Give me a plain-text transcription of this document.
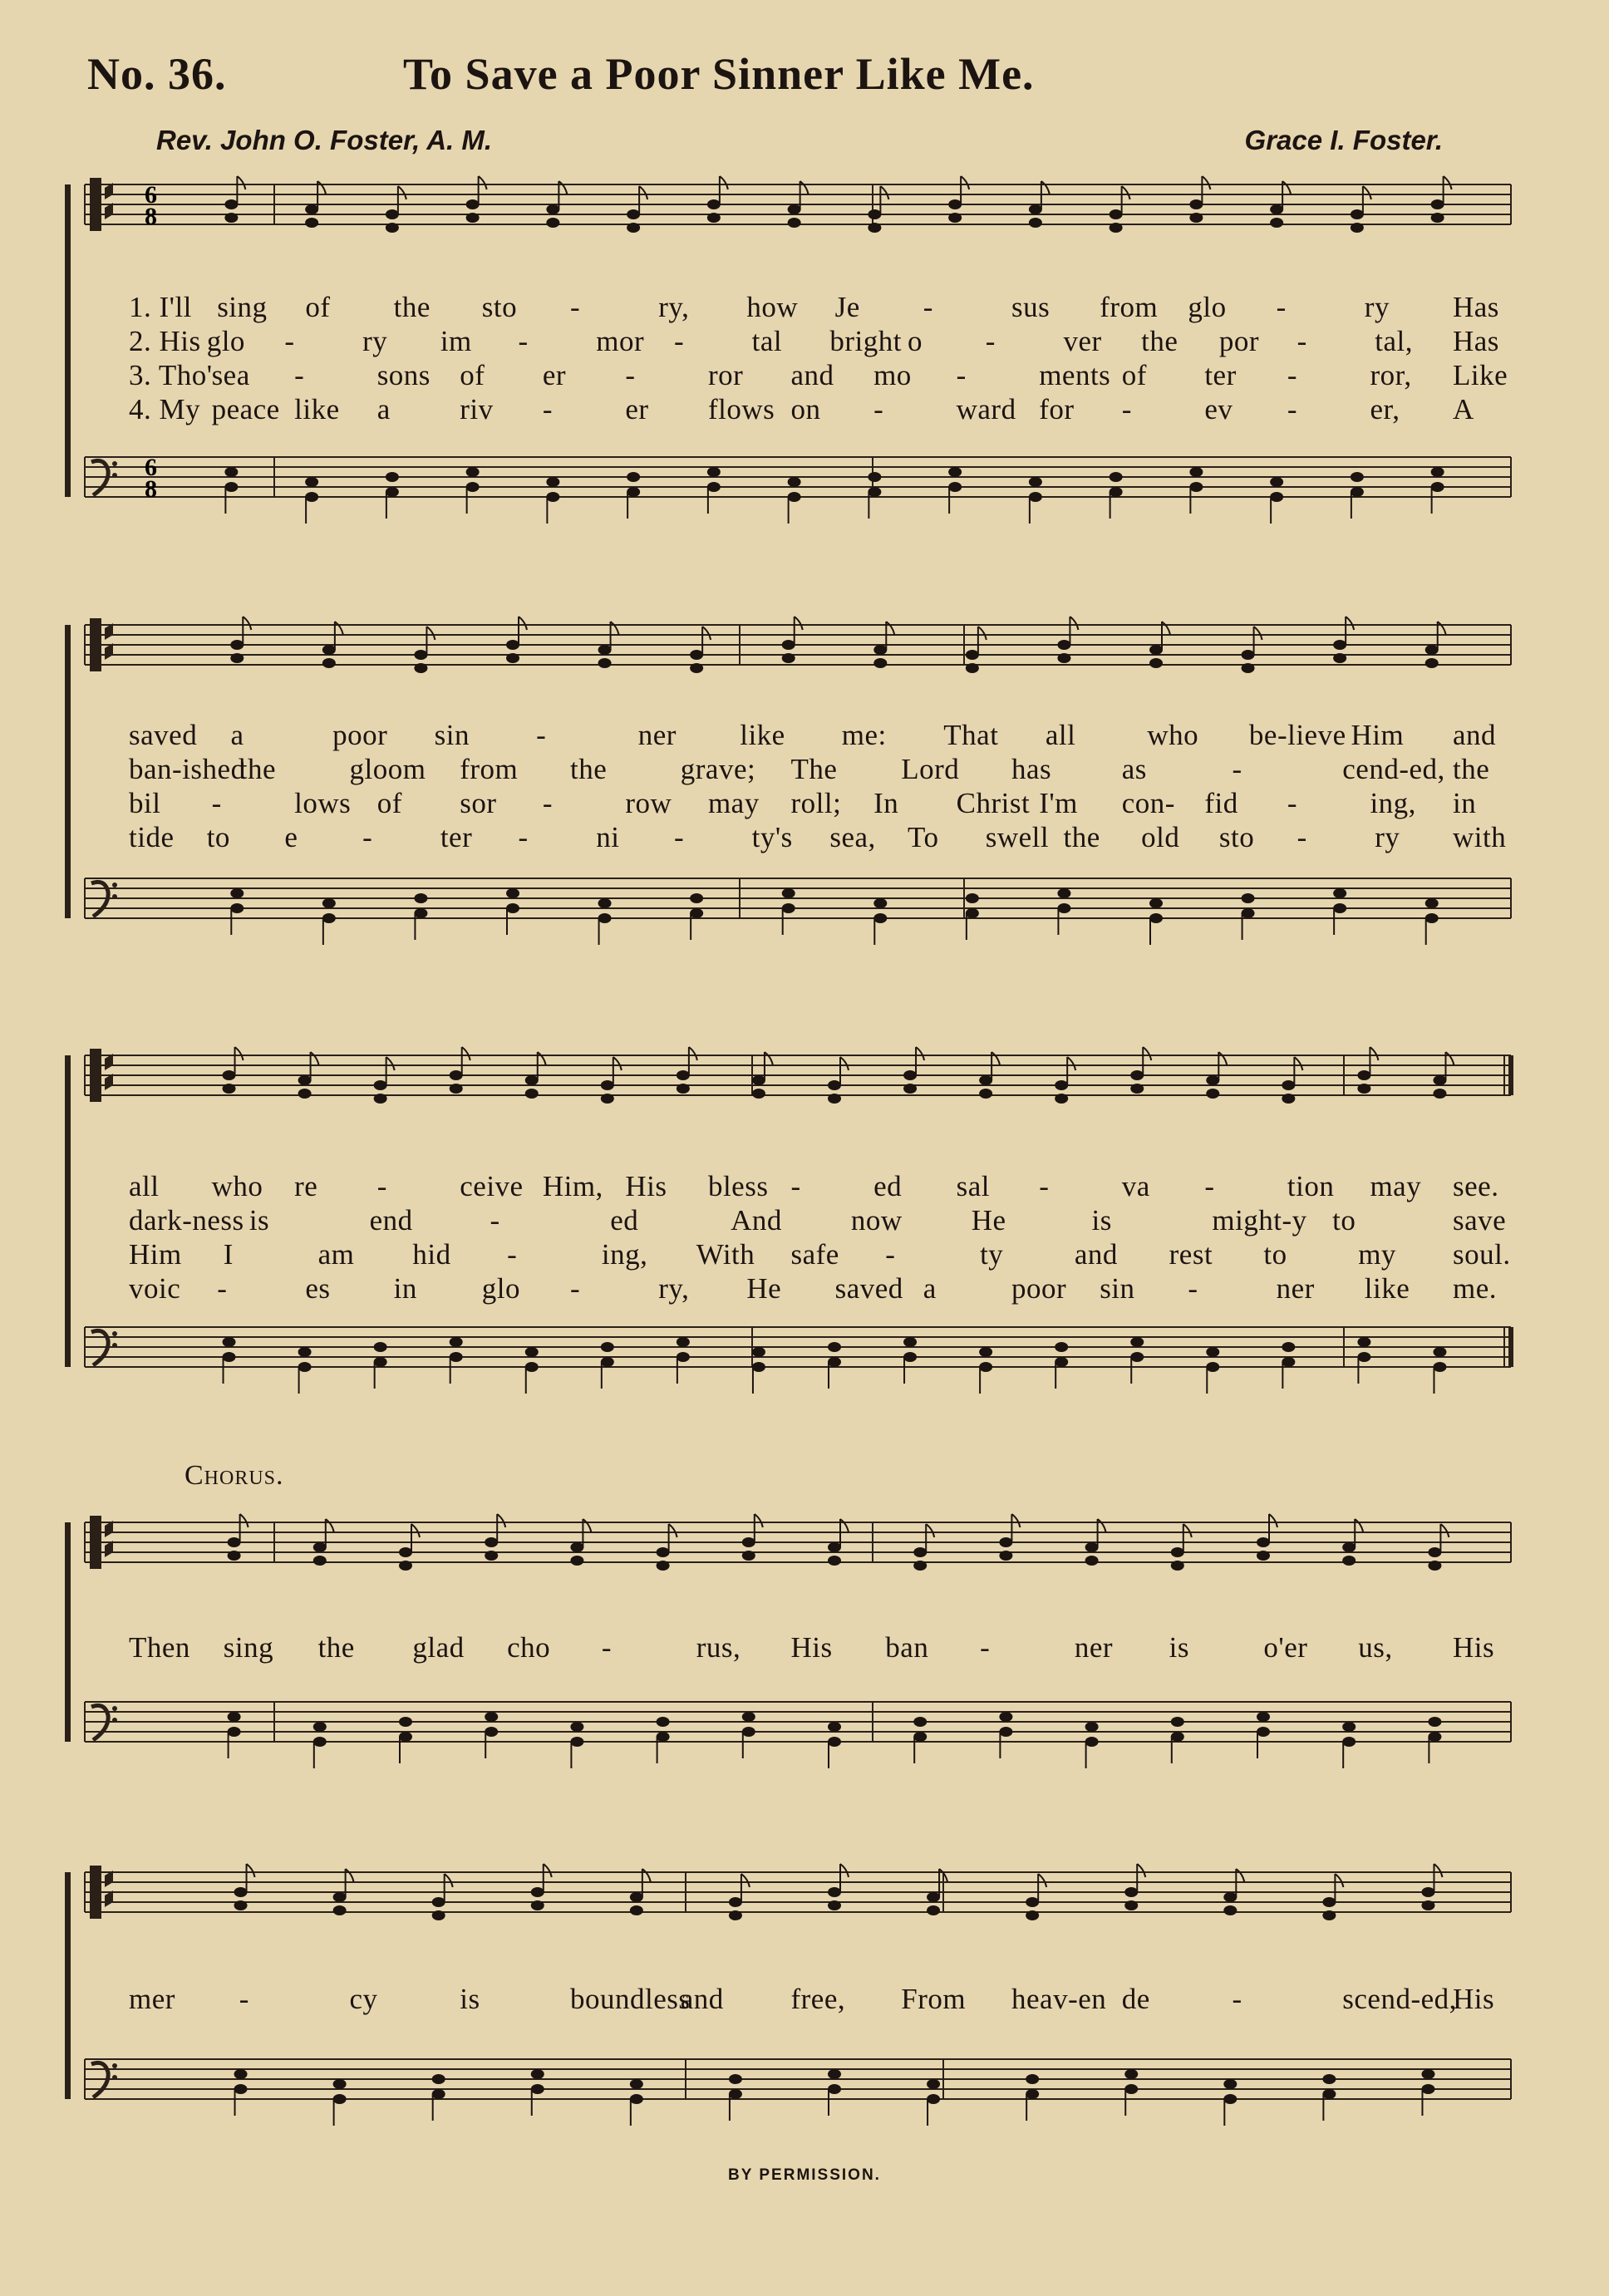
No. 36.	To Save a Poor Sinner Like Me.
Rev. John O. Foster, A. M.	Grace I. Foster.
6
8
6
8
1. I'll sing of the sto -	ry, how Je -	sus from glo -	ry Has
2. His glo - ry im - mor - tal bright o - ver the por - tal, Has
3. Tho' sea - sons of er - ror and mo - ments of ter - ror, Like
4. My peace like a riv - er flows on - ward for - ev - er, A
saved a	poor sin -	ner like me: That all who be-lieve Him and
ban-ished
the	gloom from the	grave; The Lord has as	-	cend-ed, the
bil - lows of sor - row may roll; In Christ I'm con- fid - ing, in
tide to e - ter - ni - ty's sea, To swell the old sto - ry with
all who re - ceive Him, His bless - ed sal - va - tion may see.
dark-ness is	end	-	ed	And now He	is	might-y to	save
Him I	am hid -	ing, With safe -	ty and rest to my soul.
voic -	es in glo -	ry, He saved a	poor sin -	ner like me.
Then sing the glad cho -	rus, His ban -	ner is	o'er us, His
mer -	cy	is	boundless
and free, From heav-en de	-	scend-ed,
His
Chorus.
BY PERMISSION.
